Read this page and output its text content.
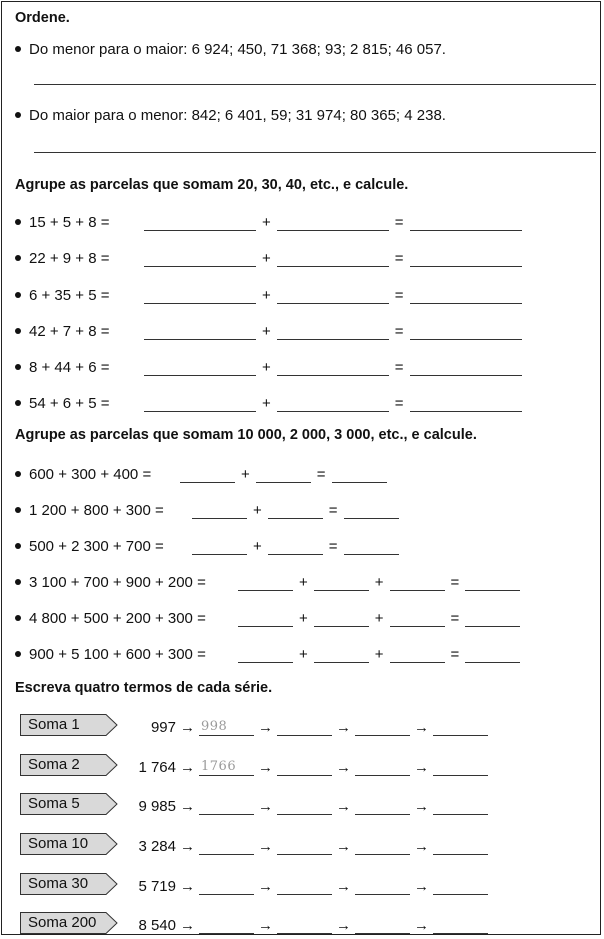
Ordene.
Do menor para o maior: 6 924; 450, 71 368; 93; 2 815; 46 057.
Do maior para o menor: 842; 6 401, 59; 31 974; 80 365; 4 238.
Agrupe as parcelas que somam 20, 30, 40, etc., e calcule.
15 + 5 + 8 =	+	=
22 + 9 + 8 =	+	=
6 + 35 + 5 =	+	=
42 + 7 + 8 =	+	=
8 + 44 + 6 =	+	=
54 + 6 + 5 =	+	=
Agrupe as parcelas que somam 10 000, 2 000, 3 000, etc., e calcule.
600 + 300 + 400 =	+	=
1 200 + 800 + 300 =	+	=
500 + 2 300 + 700 =	+	=
3 100 + 700 + 900 + 200 =	+	+	=
4 800 + 500 + 200 + 300 =	+	+	=
900 + 5 100 + 600 + 300 =	+	+	=
Escreva quatro termos de cada série.
Soma 1	997 → 998 →	→	→
Soma 2	1 764 → 1766 →	→	→
Soma 5	9 985 →	→	→	→
Soma 10	3 284 →	→	→	→
Soma 30	5 719 →	→	→	→
Soma 200	8 540 →	→	→	→
